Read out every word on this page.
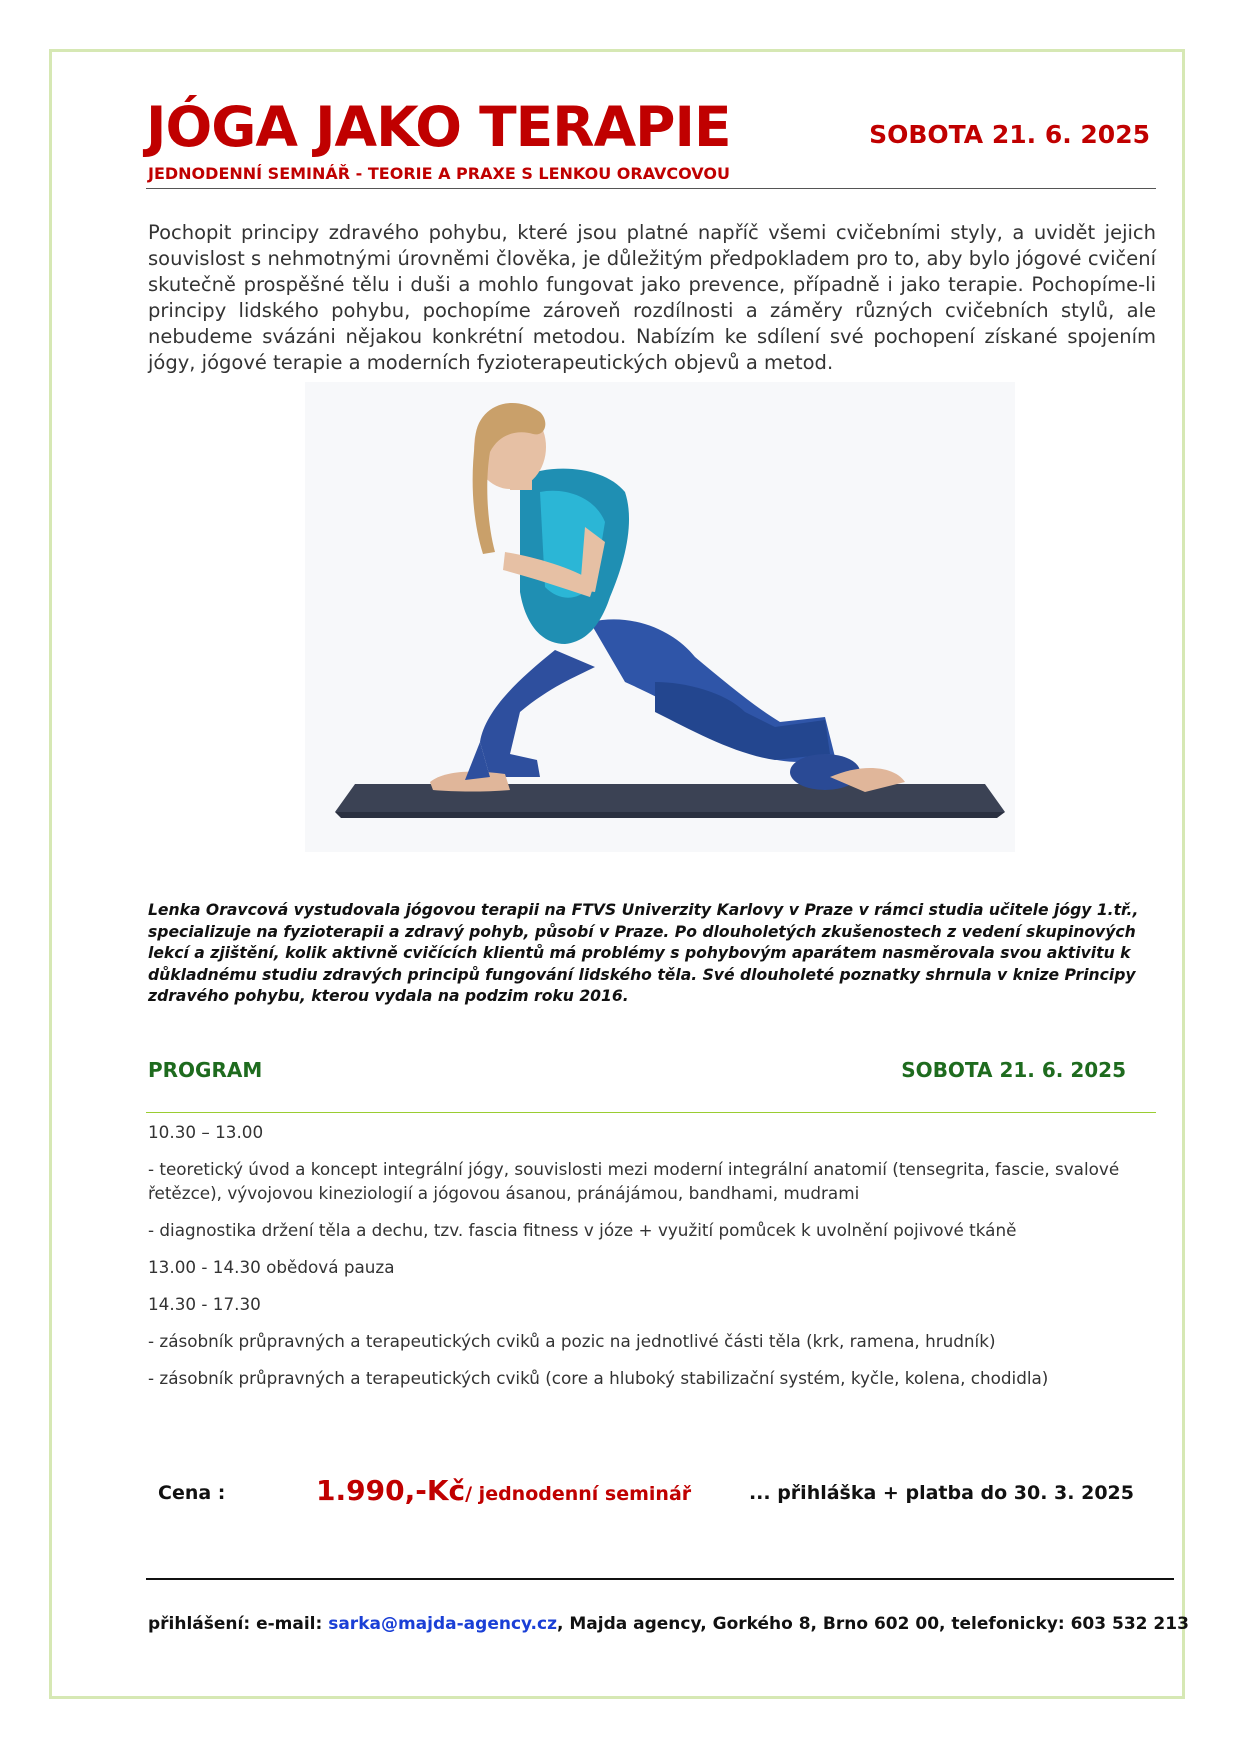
JÓGA JAKO TERAPIE	SOBOTA 21. 6. 2025
JEDNODENNÍ SEMINÁŘ - TEORIE A PRAXE S LENKOU ORAVCOVOU

Pochopit principy zdravého pohybu, které jsou platné napříč všemi cvičebními styly, a uvidět jejich souvislost s nehmotnými úrovněmi člověka, je důležitým předpokladem pro to, aby bylo jógové cvičení skutečně prospěšné tělu i duši a mohlo fungovat jako prevence, případně i jako terapie. Pochopíme-li principy lidského pohybu, pochopíme zároveň rozdílnosti a záměry různých cvičebních stylů, ale nebudeme svázáni nějakou konkrétní metodou. Nabízím ke sdílení své pochopení získané spojením jógy, jógové terapie a moderních fyzioterapeutických objevů a metod.

Lenka Oravcová vystudovala jógovou terapii na FTVS Univerzity Karlovy v Praze v rámci studia učitele jógy 1.tř., specializuje na fyzioterapii a zdravý pohyb, působí v Praze. Po dlouholetých zkušenostech z vedení skupinových lekcí a zjištění, kolik aktivně cvičících klientů má problémy s pohybovým aparátem nasměrovala svou aktivitu k důkladnému studiu zdravých principů fungování lidského těla. Své dlouholeté poznatky shrnula v knize Principy zdravého pohybu, kterou vydala na podzim roku 2016.

PROGRAM	SOBOTA 21. 6. 2025

10.30 – 13.00

- teoretický úvod a koncept integrální jógy, souvislosti mezi moderní integrální anatomií (tensegrita, fascie, svalové řetězce), vývojovou kineziologií a jógovou ásanou, pránájámou, bandhami, mudrami

- diagnostika držení těla a dechu, tzv. fascia fitness v józe + využití pomůcek k uvolnění pojivové tkáně

13.00 - 14.30 obědová pauza

14.30 - 17.30

- zásobník průpravných a terapeutických cviků a pozic na jednotlivé části těla (krk, ramena, hrudník)

- zásobník průpravných a terapeutických cviků (core a hluboký stabilizační systém, kyčle, kolena, chodidla)

Cena :	1.990,-Kč/ jednodenní seminář	... přihláška + platba do 30. 3. 2025
přihlášení: e-mail: sarka@majda-agency.cz, Majda agency, Gorkého 8, Brno 602 00, telefonicky: 603 532 213
